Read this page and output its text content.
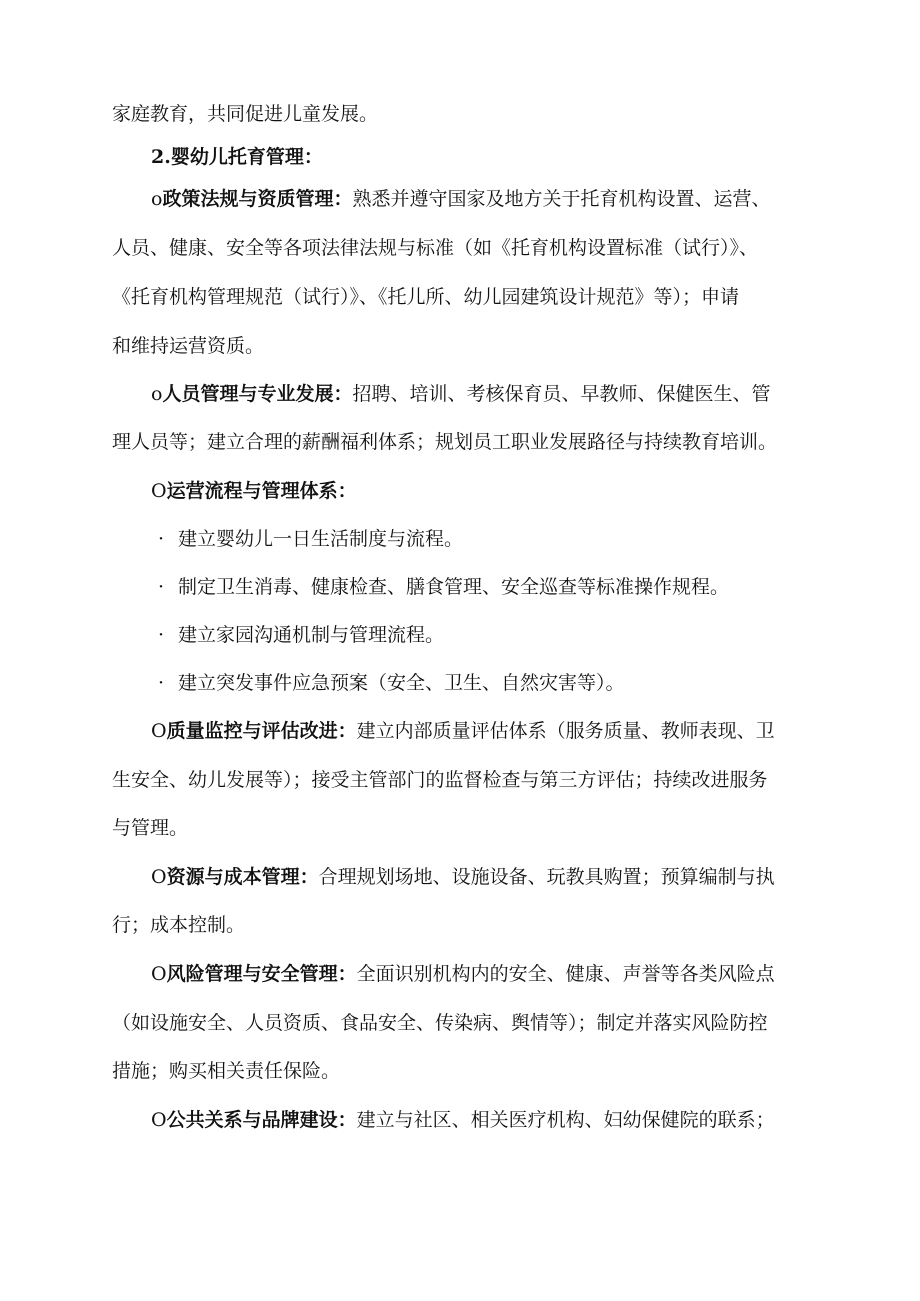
家庭教育，共同促进儿童发展。
2.婴幼儿托育管理：
o政策法规与资质管理：熟悉并遵守国家及地方关于托育机构设置、运营、
人员、健康、安全等各项法律法规与标准（如《托育机构设置标准（试行）》、
《托育机构管理规范（试行）》、《托儿所、幼儿园建筑设计规范》等）；申请
和维持运营资质。
o人员管理与专业发展：招聘、培训、考核保育员、早教师、保健医生、管
理人员等；建立合理的薪酬福利体系；规划员工职业发展路径与持续教育培训。
O运营流程与管理体系：
· 建立婴幼儿一日生活制度与流程。
· 制定卫生消毒、健康检查、膳食管理、安全巡查等标准操作规程。
· 建立家园沟通机制与管理流程。
· 建立突发事件应急预案（安全、卫生、自然灾害等）。
O质量监控与评估改进：建立内部质量评估体系（服务质量、教师表现、卫
生安全、幼儿发展等）；接受主管部门的监督检查与第三方评估；持续改进服务
与管理。
O资源与成本管理：合理规划场地、设施设备、玩教具购置；预算编制与执
行；成本控制。
O风险管理与安全管理：全面识别机构内的安全、健康、声誉等各类风险点
（如设施安全、人员资质、食品安全、传染病、舆情等）；制定并落实风险防控
措施；购买相关责任保险。
O公共关系与品牌建设：建立与社区、相关医疗机构、妇幼保健院的联系；
